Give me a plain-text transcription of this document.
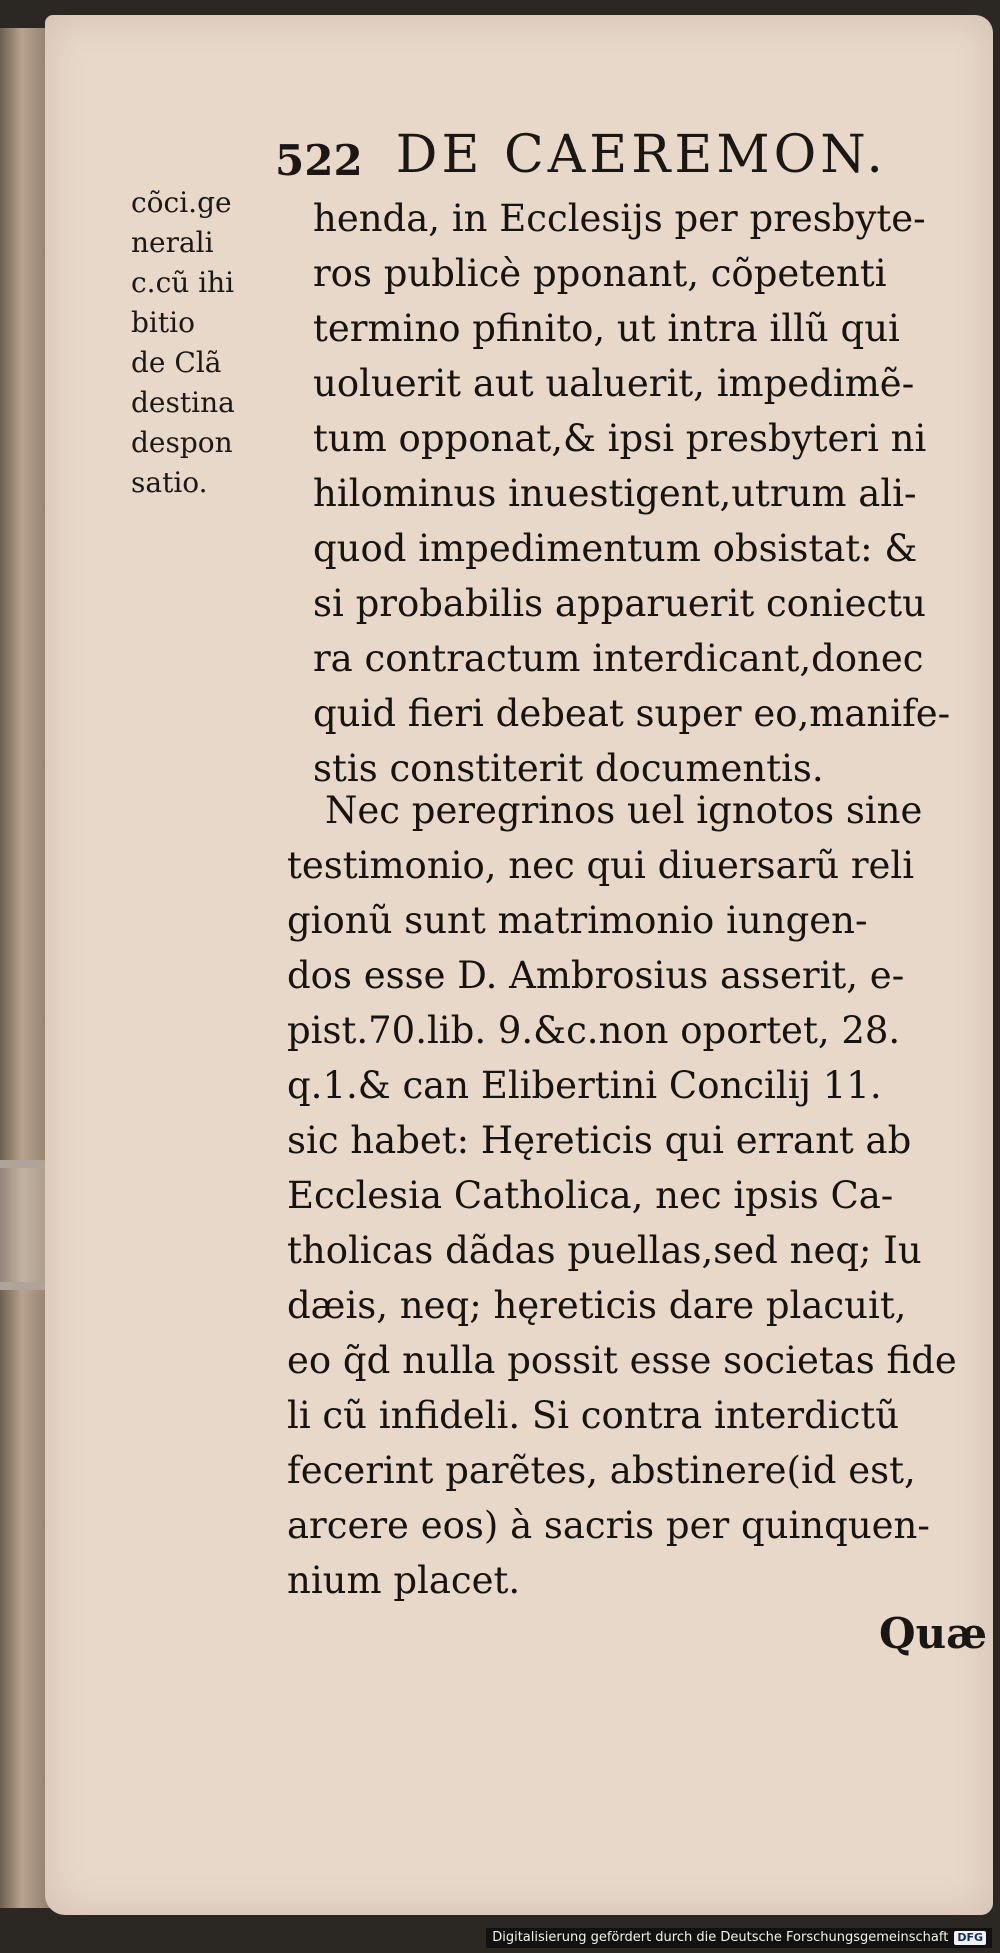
522 DE CAEREMON.
cõci.ge
nerali
c.cũ ihi
bitio
de Clã
destina
despon
satio.
henda, in Ecclesijs per presbyte-
ros publicè pponant, cõpetenti
termino pfinito, ut intra illũ qui
uoluerit aut ualuerit, impedimẽ-
tum opponat,& ipsi presbyteri ni
hilominus inuestigent,utrum ali-
quod impedimentum obsistat: &
si probabilis apparuerit coniectu
ra contractum interdicant,donec
quid fieri debeat super eo,manife-
stis constiterit documentis.
Nec peregrinos uel ignotos sine
testimonio, nec qui diuersarũ reli
gionũ sunt matrimonio iungen-
dos esse D. Ambrosius asserit, e-
pist.70.lib. 9.&c.non oportet, 28.
q.1.& can Elibertini Concilij 11.
sic habet: Hęreticis qui errant ab
Ecclesia Catholica, nec ipsis Ca-
tholicas dãdas puellas,sed neq; Iu
dæis, neq; hęreticis dare placuit,
eo q̃d nulla possit esse societas fide
li cũ infideli. Si contra interdictũ
fecerint parẽtes, abstinere(id est,
arcere eos) à sacris per quinquen-
nium placet.
Quæ
Digitalisierung gefördert durch die Deutsche Forschungsgemeinschaft DFG
